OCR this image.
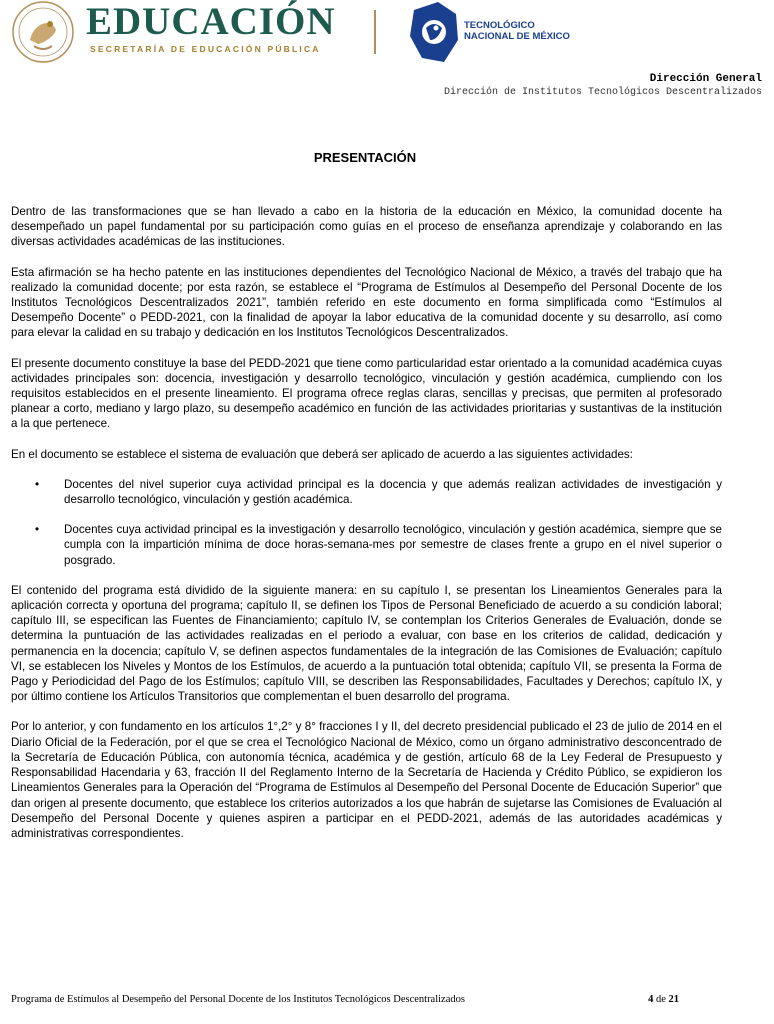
EDUCACIÓN
SECRETARÍA DE EDUCACIÓN PÚBLICA
TECNOLÓGICO
NACIONAL DE MÉXICO
Dirección General
Dirección de Institutos Tecnológicos Descentralizados
PRESENTACIÓN

Dentro de las transformaciones que se han llevado a cabo en la historia de la educación en México, la comunidad docente ha desempeñado un papel fundamental por su participación como guías en el proceso de enseñanza aprendizaje y colaborando en las diversas actividades académicas de las instituciones.

Esta afirmación se ha hecho patente en las instituciones dependientes del Tecnológico Nacional de México, a través del trabajo que ha realizado la comunidad docente; por esta razón, se establece el “Programa de Estímulos al Desempeño del Personal Docente de los Institutos Tecnológicos Descentralizados 2021”, también referido en este documento en forma simplificada como “Estímulos al Desempeño Docente” o PEDD-2021, con la finalidad de apoyar la labor educativa de la comunidad docente y su desarrollo, así como para elevar la calidad en su trabajo y dedicación en los Institutos Tecnológicos Descentralizados.

El presente documento constituye la base del PEDD-2021 que tiene como particularidad estar orientado a la comunidad académica cuyas actividades principales son: docencia, investigación y desarrollo tecnológico, vinculación y gestión académica, cumpliendo con los requisitos establecidos en el presente lineamiento. El programa ofrece reglas claras, sencillas y precisas, que permiten al profesorado planear a corto, mediano y largo plazo, su desempeño académico en función de las actividades prioritarias y sustantivas de la institución a la que pertenece.

En el documento se establece el sistema de evaluación que deberá ser aplicado de acuerdo a las siguientes actividades:

• Docentes del nivel superior cuya actividad principal es la docencia y que además realizan actividades de investigación y desarrollo tecnológico, vinculación y gestión académica.
• Docentes cuya actividad principal es la investigación y desarrollo tecnológico, vinculación y gestión académica, siempre que se cumpla con la impartición mínima de doce horas-semana-mes por semestre de clases frente a grupo en el nivel superior o posgrado.

El contenido del programa está dividido de la siguiente manera: en su capítulo I, se presentan los Lineamientos Generales para la aplicación correcta y oportuna del programa; capítulo II, se definen los Tipos de Personal Beneficiado de acuerdo a su condición laboral; capítulo III, se especifican las Fuentes de Financiamiento; capítulo IV, se contemplan los Criterios Generales de Evaluación, donde se determina la puntuación de las actividades realizadas en el periodo a evaluar, con base en los criterios de calidad, dedicación y permanencia en la docencia; capítulo V, se definen aspectos fundamentales de la integración de las Comisiones de Evaluación; capítulo VI, se establecen los Niveles y Montos de los Estímulos, de acuerdo a la puntuación total obtenida; capítulo VII, se presenta la Forma de Pago y Periodicidad del Pago de los Estímulos; capítulo VIII, se describen las Responsabilidades, Facultades y Derechos; capítulo IX, y por último contiene los Artículos Transitorios que complementan el buen desarrollo del programa.

Por lo anterior, y con fundamento en los artículos 1°,2° y 8° fracciones I y II, del decreto presidencial publicado el 23 de julio de 2014 en el Diario Oficial de la Federación, por el que se crea el Tecnológico Nacional de México, como un órgano administrativo desconcentrado de la Secretaría de Educación Pública, con autonomía técnica, académica y de gestión, artículo 68 de la Ley Federal de Presupuesto y Responsabilidad Hacendaria y 63, fracción II del Reglamento Interno de la Secretaría de Hacienda y Crédito Público, se expidieron los Lineamientos Generales para la Operación del “Programa de Estímulos al Desempeño del Personal Docente de Educación Superior” que dan origen al presente documento, que establece los criterios autorizados a los que habrán de sujetarse las Comisiones de Evaluación al Desempeño del Personal Docente y quienes aspiren a participar en el PEDD-2021, además de las autoridades académicas y administrativas correspondientes.

Programa de Estímulos al Desempeño del Personal Docente de los Institutos Tecnológicos Descentralizados	4 de 21
